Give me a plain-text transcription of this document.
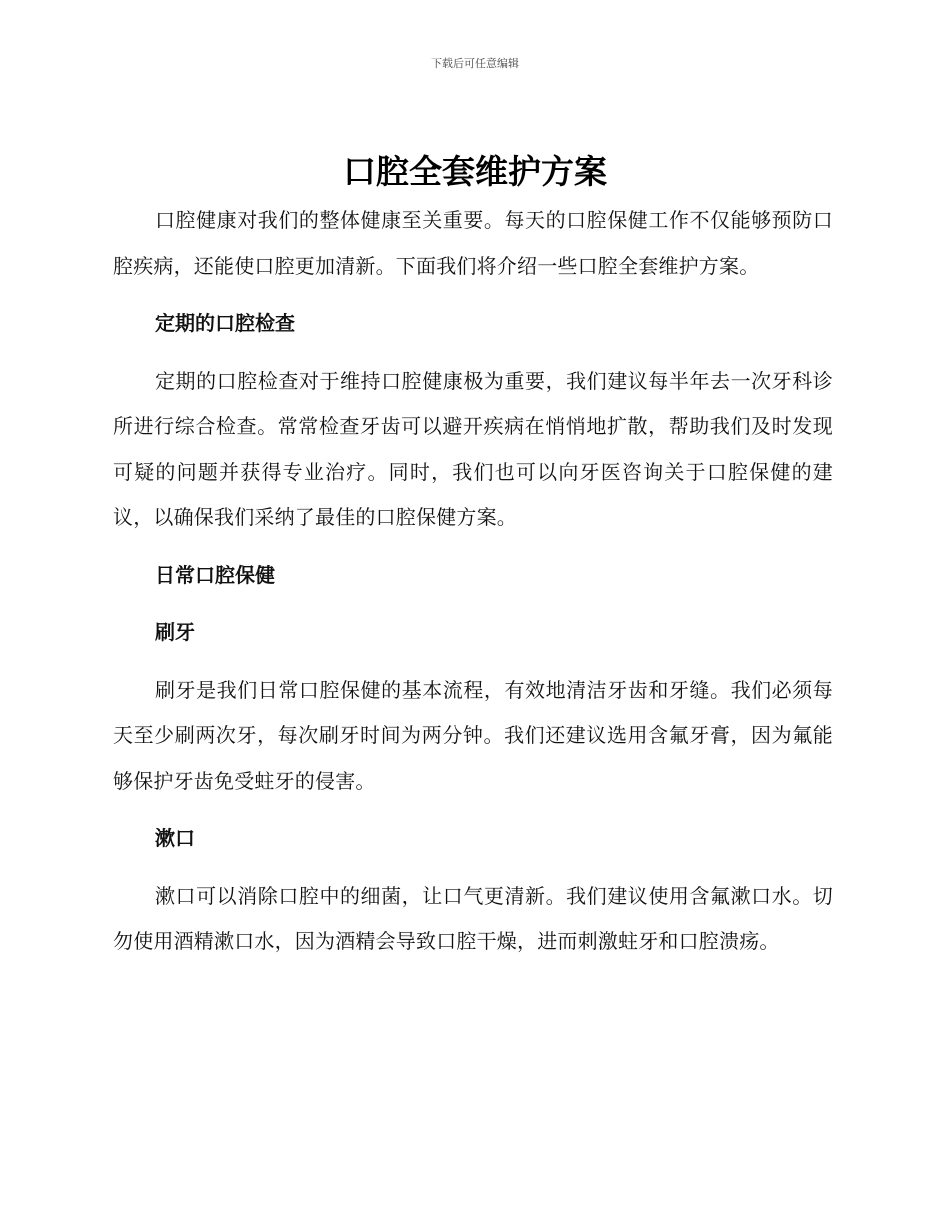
下载后可任意编辑
口腔全套维护方案

口腔健康对我们的整体健康至关重要。每天的口腔保健工作不仅能够预防口腔疾病，还能使口腔更加清新。下面我们将介绍一些口腔全套维护方案。

定期的口腔检查

定期的口腔检查对于维持口腔健康极为重要，我们建议每半年去一次牙科诊所进行综合检查。常常检查牙齿可以避开疾病在悄悄地扩散，帮助我们及时发现可疑的问题并获得专业治疗。同时，我们也可以向牙医咨询关于口腔保健的建议，以确保我们采纳了最佳的口腔保健方案。

日常口腔保健

刷牙

刷牙是我们日常口腔保健的基本流程，有效地清洁牙齿和牙缝。我们必须每天至少刷两次牙，每次刷牙时间为两分钟。我们还建议选用含氟牙膏，因为氟能够保护牙齿免受蛀牙的侵害。

漱口

漱口可以消除口腔中的细菌，让口气更清新。我们建议使用含氟漱口水。切勿使用酒精漱口水，因为酒精会导致口腔干燥，进而刺激蛀牙和口腔溃疡。
